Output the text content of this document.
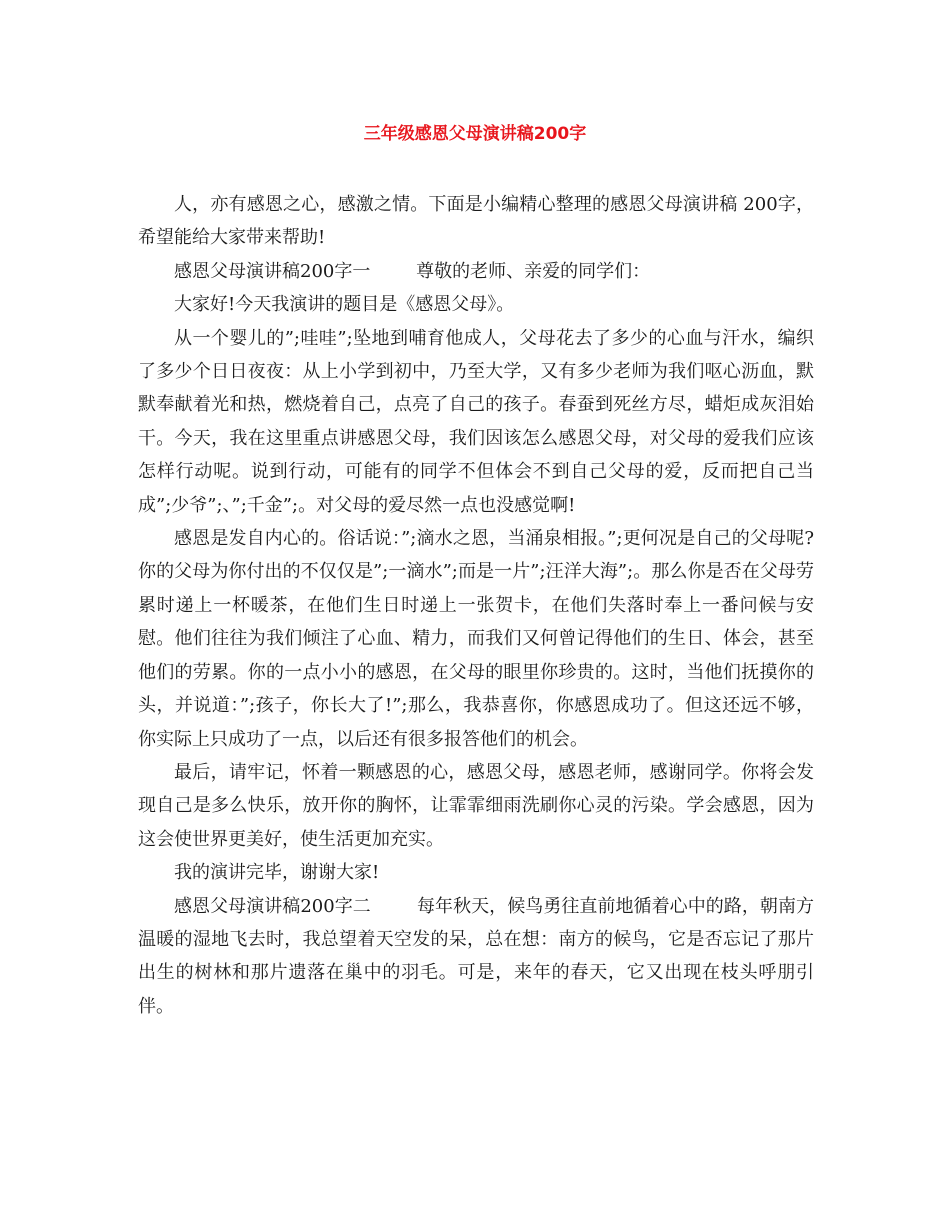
三年级感恩父母演讲稿200字

人，亦有感恩之心，感激之情。下面是小编精心整理的感恩父母演讲稿 200字，希望能给大家带来帮助!

感恩父母演讲稿200字一        尊敬的老师、亲爱的同学们：

大家好!今天我演讲的题目是《感恩父母》。

从一个婴儿的”;哇哇”;坠地到哺育他成人，父母花去了多少的心血与汗水，编织了多少个日日夜夜：从上小学到初中，乃至大学，又有多少老师为我们呕心沥血，默默奉献着光和热，燃烧着自己，点亮了自己的孩子。春蚕到死丝方尽，蜡炬成灰泪始干。今天，我在这里重点讲感恩父母，我们因该怎么感恩父母，对父母的爱我们应该怎样行动呢。说到行动，可能有的同学不但体会不到自己父母的爱，反而把自己当成”;少爷”;、”;千金”;。对父母的爱尽然一点也没感觉啊!

感恩是发自内心的。俗话说：”;滴水之恩，当涌泉相报。”;更何况是自己的父母呢?你的父母为你付出的不仅仅是”;一滴水”;而是一片”;汪洋大海”;。那么你是否在父母劳累时递上一杯暖茶，在他们生日时递上一张贺卡，在他们失落时奉上一番问候与安慰。他们往往为我们倾注了心血、精力，而我们又何曾记得他们的生日、体会，甚至他们的劳累。你的一点小小的感恩，在父母的眼里你珍贵的。这时，当他们抚摸你的头，并说道：”;孩子，你长大了!”;那么，我恭喜你，你感恩成功了。但这还远不够，你实际上只成功了一点，以后还有很多报答他们的机会。

最后，请牢记，怀着一颗感恩的心，感恩父母，感恩老师，感谢同学。你将会发现自己是多么快乐，放开你的胸怀，让霏霏细雨洗刷你心灵的污染。学会感恩，因为这会使世界更美好，使生活更加充实。

我的演讲完毕，谢谢大家!

感恩父母演讲稿200字二        每年秋天，候鸟勇往直前地循着心中的路，朝南方温暖的湿地飞去时，我总望着天空发的呆，总在想：南方的候鸟，它是否忘记了那片出生的树林和那片遗落在巢中的羽毛。可是，来年的春天，它又出现在枝头呼朋引伴。
